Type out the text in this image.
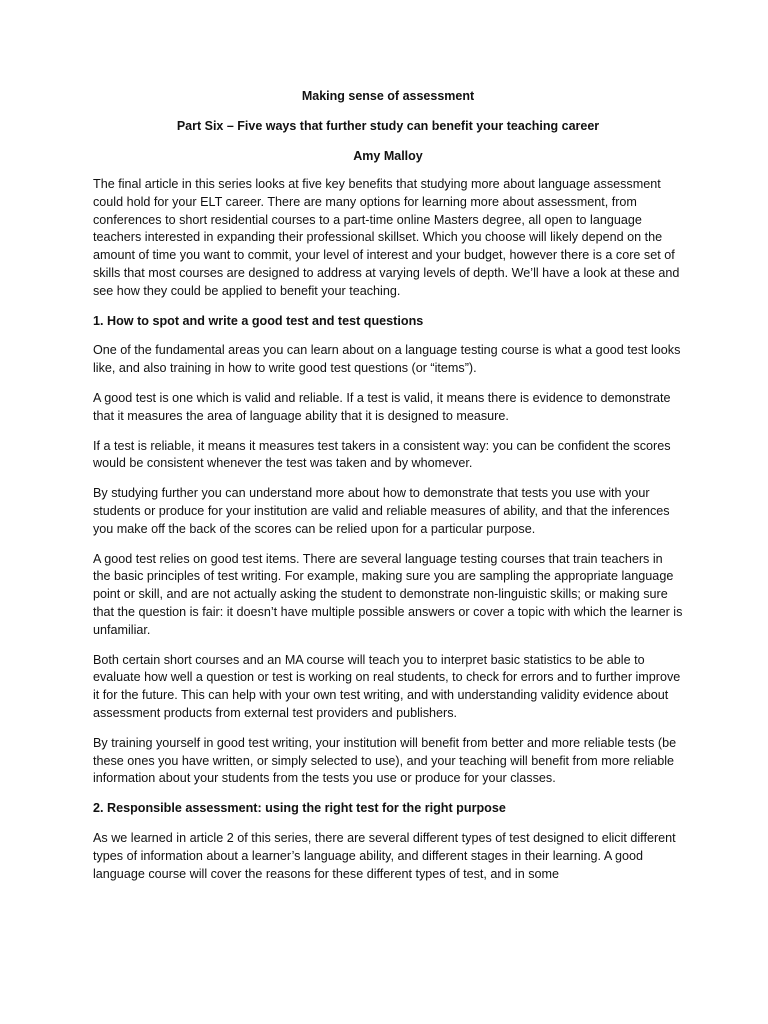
Making sense of assessment

Part Six – Five ways that further study can benefit your teaching career

Amy Malloy

The final article in this series looks at five key benefits that studying more about language assessment could hold for your ELT career. There are many options for learning more about assessment, from conferences to short residential courses to a part-time online Masters degree, all open to language teachers interested in expanding their professional skillset. Which you choose will likely depend on the amount of time you want to commit, your level of interest and your budget, however there is a core set of skills that most courses are designed to address at varying levels of depth. We’ll have a look at these and see how they could be applied to benefit your teaching.

1. How to spot and write a good test and test questions

One of the fundamental areas you can learn about on a language testing course is what a good test looks like, and also training in how to write good test questions (or “items”).

A good test is one which is valid and reliable. If a test is valid, it means there is evidence to demonstrate that it measures the area of language ability that it is designed to measure.

If a test is reliable, it means it measures test takers in a consistent way: you can be confident the scores would be consistent whenever the test was taken and by whomever.

By studying further you can understand more about how to demonstrate that tests you use with your students or produce for your institution are valid and reliable measures of ability, and that the inferences you make off the back of the scores can be relied upon for a particular purpose.

A good test relies on good test items. There are several language testing courses that train teachers in the basic principles of test writing. For example, making sure you are sampling the appropriate language point or skill, and are not actually asking the student to demonstrate non-linguistic skills; or making sure that the question is fair: it doesn’t have multiple possible answers or cover a topic with which the learner is unfamiliar.

Both certain short courses and an MA course will teach you to interpret basic statistics to be able to evaluate how well a question or test is working on real students, to check for errors and to further improve it for the future. This can help with your own test writing, and with understanding validity evidence about assessment products from external test providers and publishers.

By training yourself in good test writing, your institution will benefit from better and more reliable tests (be these ones you have written, or simply selected to use), and your teaching will benefit from more reliable information about your students from the tests you use or produce for your classes.

2. Responsible assessment: using the right test for the right purpose

As we learned in article 2 of this series, there are several different types of test designed to elicit different types of information about a learner’s language ability, and different stages in their learning. A good language course will cover the reasons for these different types of test, and in some
